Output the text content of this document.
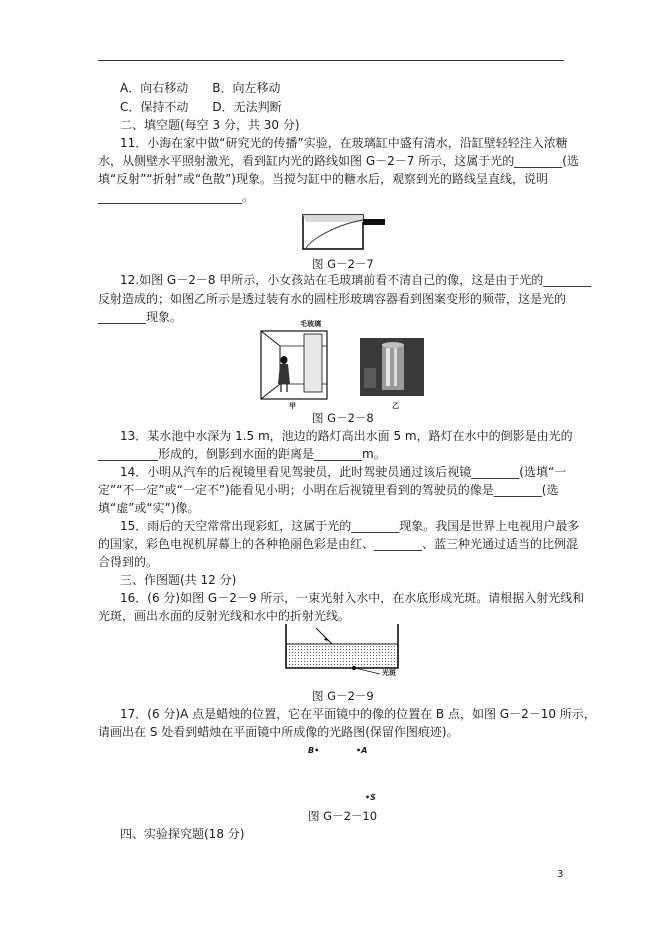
A．向右移动　　B．向左移动
C．保持不动　　D．无法判断
二、填空题(每空 3 分，共 30 分)
11．小海在家中做“研究光的传播”实验，在玻璃缸中盛有清水，沿缸壁轻轻注入浓糖
水，从侧壁水平照射激光，看到缸内光的路线如图 G－2－7 所示，这属于光的________(选
填“反射”“折射”或“色散”)现象。当搅匀缸中的糖水后，观察到光的路线呈直线，说明
________________________。
图 G－2－7
12.如图 G－2－8 甲所示，小女孩站在毛玻璃前看不清自己的像，这是由于光的________
反射造成的；如图乙所示是透过装有水的圆柱形玻璃容器看到图案变形的频带，这是光的
________现象。	毛玻璃
甲	乙
图 G－2－8
13．某水池中水深为 1.5 m，池边的路灯高出水面 5 m，路灯在水中的倒影是由光的
__________形成的，倒影到水面的距离是________m。
14．小明从汽车的后视镜里看见驾驶员，此时驾驶员通过该后视镜________(选填“一
定”“不一定”或“一定不”)能看见小明；小明在后视镜里看到的驾驶员的像是________(选
填“虚”或“实”)像。
15．雨后的天空常常出现彩虹，这属于光的________现象。我国是世界上电视用户最多
的国家，彩色电视机屏幕上的各种艳丽色彩是由红、________、蓝三种光通过适当的比例混
合得到的。
三、作图题(共 12 分)
16．(6 分)如图 G－2－9 所示，一束光射入水中，在水底形成光斑。请根据入射光线和
光斑，画出水面的反射光线和水中的折射光线。
光斑
图 G－2－9
17．(6 分)A 点是蜡烛的位置，它在平面镜中的像的位置在 B 点，如图 G－2－10 所示，
请画出在 S 处看到蜡烛在平面镜中所成像的光路图(保留作图痕迹)。
B•	•A
•S
图 G－2－10
四、实验探究题(18 分)
3
